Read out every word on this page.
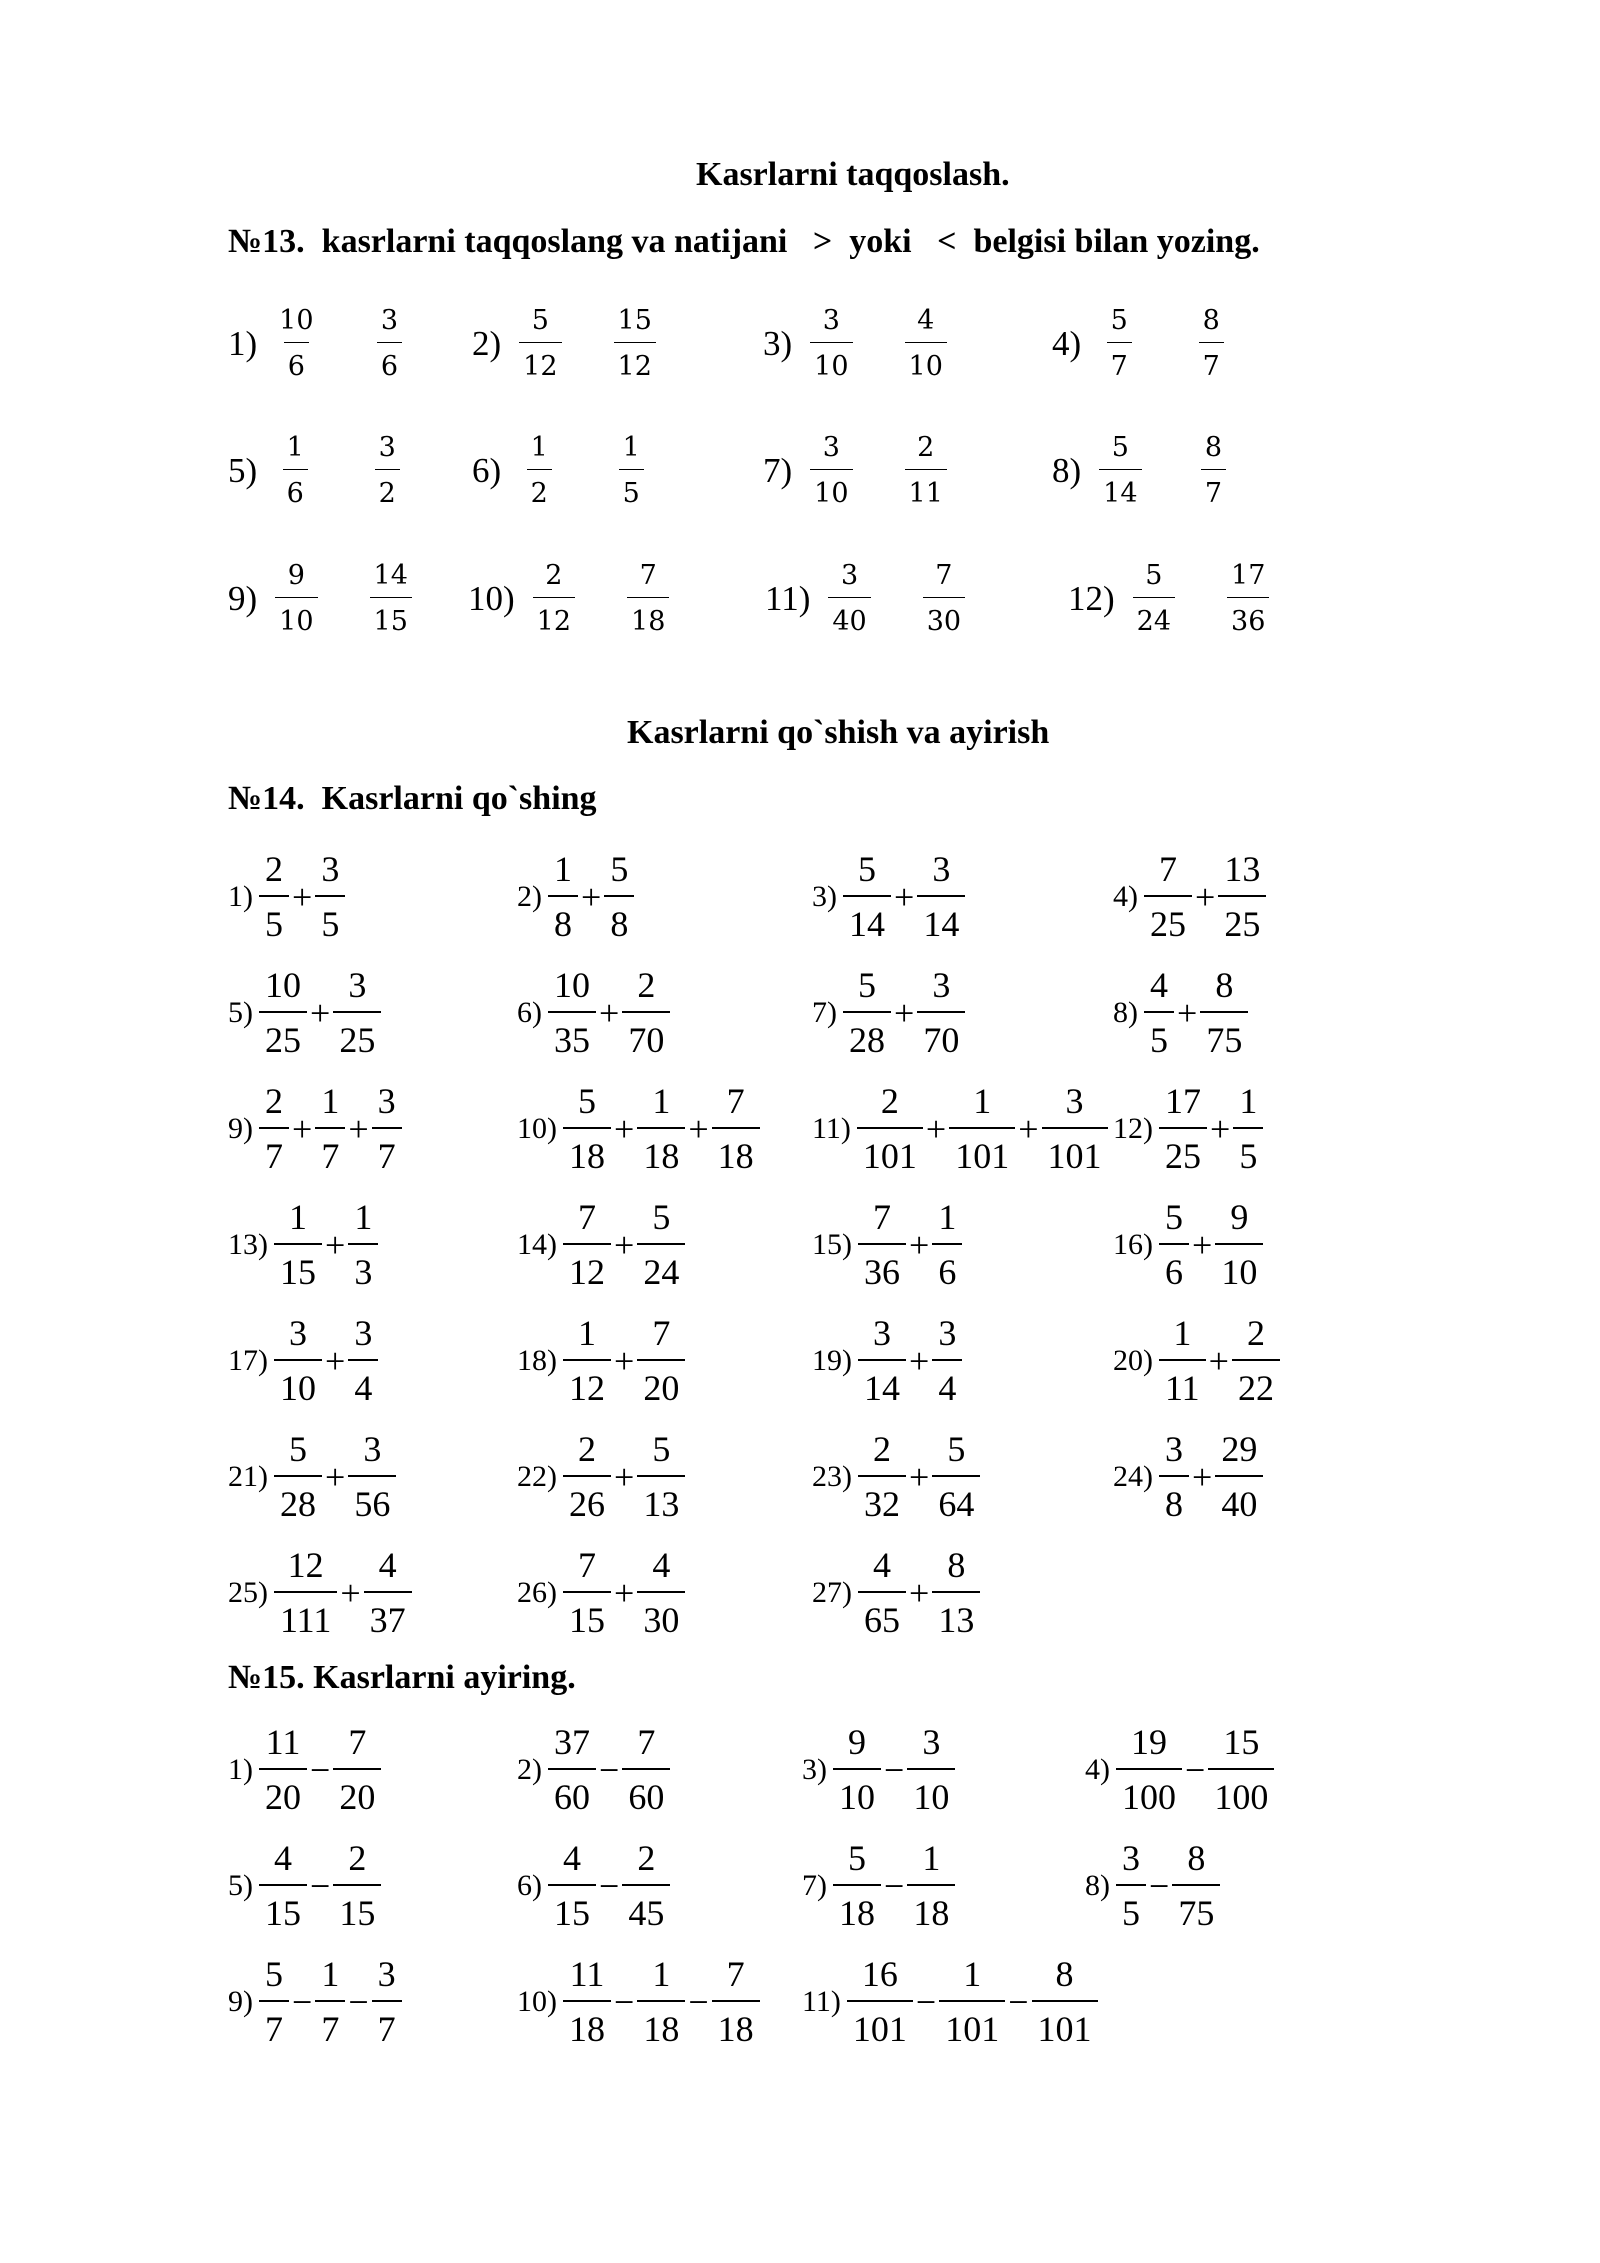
Kasrlarni taqqoslash.
№13.  kasrlarni taqqoslang va natijani   >  yoki   <  belgisi bilan yozing.
$1) \frac{10}{6} \frac{3}{6} 2) \frac{5}{12} \frac{15}{12}$	$3) \frac{3}{10} \frac{4}{10}$	$4) \frac{5}{7} \frac{8}{7}$
$5) \frac{1}{6} \frac{3}{2} 6) \frac{1}{2} \frac{1}{5}$	$7) \frac{3}{10} \frac{2}{11}$	$8) \frac{5}{14} \frac{8}{7}$
$9) \frac{9}{10} \frac{14}{15} 10) \frac{2}{12} \frac{7}{18}$	$11) \frac{3}{40} \frac{7}{30}$	$12) \frac{5}{24} \frac{17}{36}$
Kasrlarni qo`shish va ayirish
№14.  Kasrlarni qo`shing
$1) \frac{2}{5} + \frac{3}{5}$	$2) \frac{1}{8} + \frac{5}{8}$	$3) \frac{5}{14} + \frac{3}{14}$	$4) \frac{7}{25} + \frac{13}{25}$
$5) \frac{10}{25} + \frac{3}{25}$	$6) \frac{10}{35} + \frac{2}{70}$	$7) \frac{5}{28} + \frac{3}{70}$	$8) \frac{4}{5} + \frac{8}{75}$
$9) \frac{2}{7} + \frac{1}{7} + \frac{3}{7}$	$10) \frac{5}{18} + \frac{1}{18} + \frac{7}{18} 11) \frac{2}{101} + \frac{1}{101} + \frac{3}{101} 12) \frac{17}{25} + \frac{1}{5}$
$13) \frac{1}{15} + \frac{1}{3}$	$14) \frac{7}{12} + \frac{5}{24}$	$15) \frac{7}{36} + \frac{1}{6}$	$16) \frac{5}{6} + \frac{9}{10}$
$17) \frac{3}{10} + \frac{3}{4}$	$18) \frac{1}{12} + \frac{7}{20}$	$19) \frac{3}{14} + \frac{3}{4}$	$20) \frac{1}{11} + \frac{2}{22}$
$21) \frac{5}{28} + \frac{3}{56}$	$22) \frac{2}{26} + \frac{5}{13}$	$23) \frac{2}{32} + \frac{5}{64}$	$24) \frac{3}{8} + \frac{29}{40}$
$25) \frac{12}{111} + \frac{4}{37}$	$26) \frac{7}{15} + \frac{4}{30}$	$27) \frac{4}{65} + \frac{8}{13}$
№15. Kasrlarni ayiring.
$1) \frac{11}{20} - \frac{7}{20}$	$2) \frac{37}{60} - \frac{7}{60}$	$3) \frac{9}{10} - \frac{3}{10}$	$4) \frac{19}{100} - \frac{15}{100}$
$5) \frac{4}{15} - \frac{2}{15}$	$6) \frac{4}{15} - \frac{2}{45}$	$7) \frac{5}{18} - \frac{1}{18}$	$8) \frac{3}{5} - \frac{8}{75}$
$9) \frac{5}{7} - \frac{1}{7} - \frac{3}{7}$	$10) \frac{11}{18} - \frac{1}{18} - \frac{7}{18} 11) \frac{16}{101} - \frac{1}{101} - \frac{8}{101}$
